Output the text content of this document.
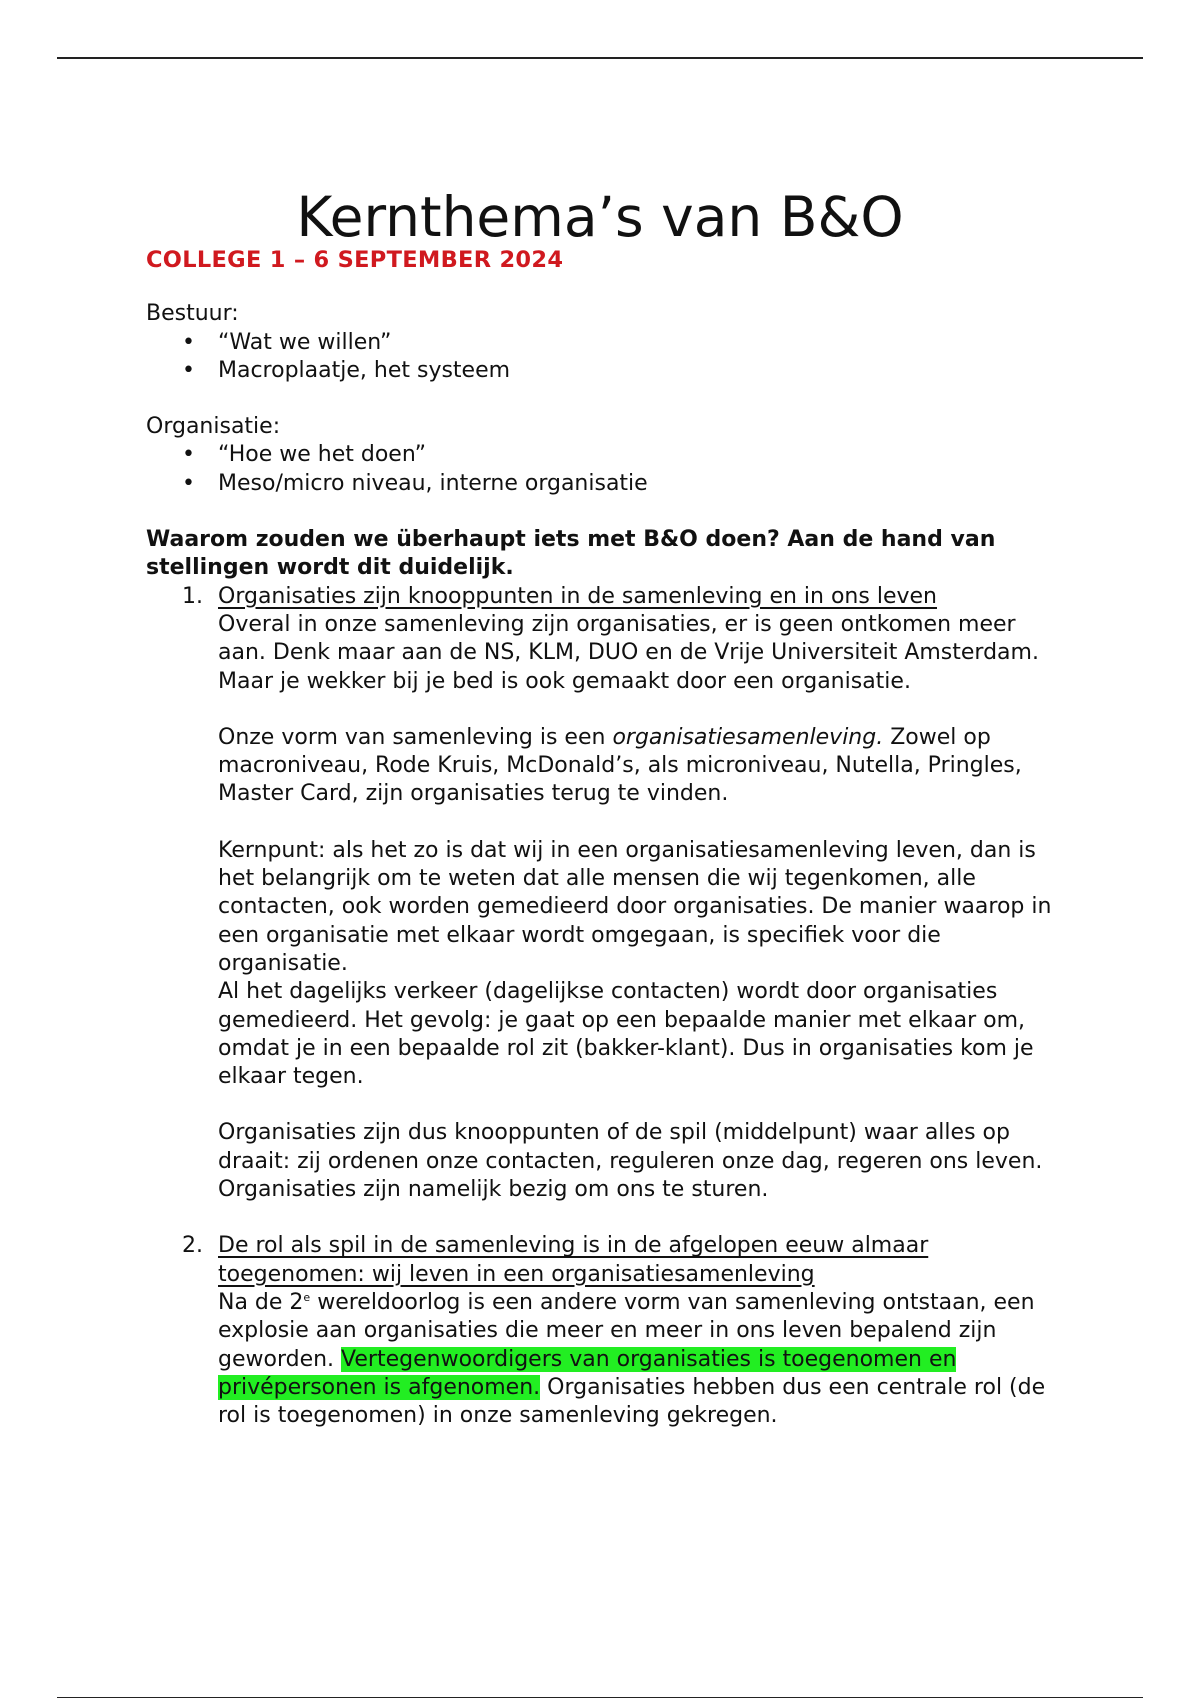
Kernthema’s van B&O

COLLEGE 1 – 6 SEPTEMBER 2024

Bestuur:

• “Wat we willen”
• Macroplaatje, het systeem

Organisatie:

• “Hoe we het doen”
• Meso/micro niveau, interne organisatie

Waarom zouden we überhaupt iets met B&O doen? Aan de hand van stellingen wordt dit duidelijk.

1. Organisaties zijn knooppunten in de samenleving en in ons leven

Overal in onze samenleving zijn organisaties, er is geen ontkomen meer aan. Denk maar aan de NS, KLM, DUO en de Vrije Universiteit Amsterdam. Maar je wekker bij je bed is ook gemaakt door een organisatie.

Onze vorm van samenleving is een organisatiesamenleving. Zowel op macroniveau, Rode Kruis, McDonald’s, als microniveau, Nutella, Pringles, Master Card, zijn organisaties terug te vinden.

Kernpunt: als het zo is dat wij in een organisatiesamenleving leven, dan is het belangrijk om te weten dat alle mensen die wij tegenkomen, alle contacten, ook worden gemedieerd door organisaties. De manier waarop in een organisatie met elkaar wordt omgegaan, is specifiek voor die organisatie.

Al het dagelijks verkeer (dagelijkse contacten) wordt door organisaties gemedieerd. Het gevolg: je gaat op een bepaalde manier met elkaar om, omdat je in een bepaalde rol zit (bakker-klant). Dus in organisaties kom je elkaar tegen.

Organisaties zijn dus knooppunten of de spil (middelpunt) waar alles op draait: zij ordenen onze contacten, reguleren onze dag, regeren ons leven. Organisaties zijn namelijk bezig om ons te sturen.

2. De rol als spil in de samenleving is in de afgelopen eeuw almaar toegenomen: wij leven in een organisatiesamenleving

Na de 2e wereldoorlog is een andere vorm van samenleving ontstaan, een explosie aan organisaties die meer en meer in ons leven bepalend zijn geworden. Vertegenwoordigers van organisaties is toegenomen en privépersonen is afgenomen. Organisaties hebben dus een centrale rol (de rol is toegenomen) in onze samenleving gekregen.
